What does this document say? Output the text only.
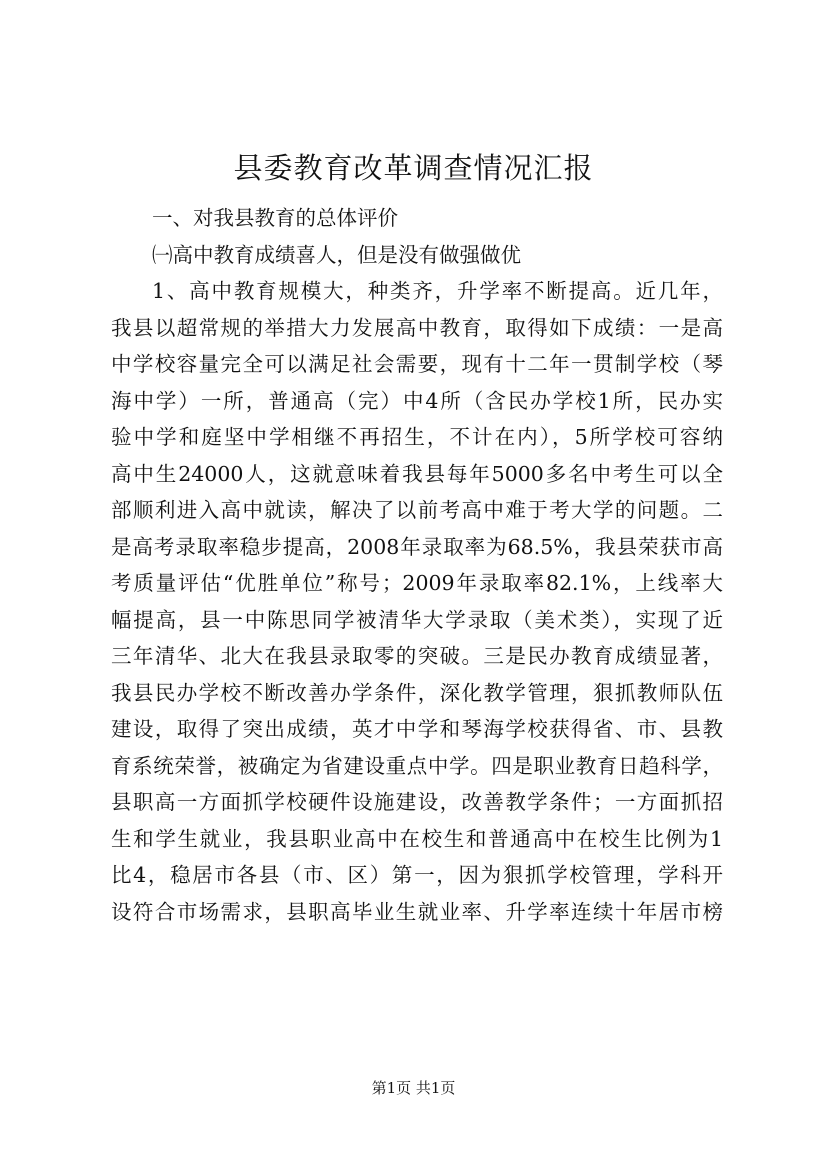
县委教育改革调查情况汇报
一、对我县教育的总体评价
㈠高中教育成绩喜人，但是没有做强做优
1、高中教育规模大，种类齐，升学率不断提高。近几年，
我县以超常规的举措大力发展高中教育，取得如下成绩：一是高
中学校容量完全可以满足社会需要，现有十二年一贯制学校（琴
海中学）一所，普通高（完）中4所（含民办学校1所，民办实
验中学和庭坚中学相继不再招生，不计在内），5所学校可容纳
高中生24000人，这就意味着我县每年5000多名中考生可以全
部顺利进入高中就读，解决了以前考高中难于考大学的问题。二
是高考录取率稳步提高，2008年录取率为68.5%，我县荣获市高
考质量评估“优胜单位”称号；2009年录取率82.1%，上线率大
幅提高，县一中陈思同学被清华大学录取（美术类），实现了近
三年清华、北大在我县录取零的突破。三是民办教育成绩显著，
我县民办学校不断改善办学条件，深化教学管理，狠抓教师队伍
建设，取得了突出成绩，英才中学和琴海学校获得省、市、县教
育系统荣誉，被确定为省建设重点中学。四是职业教育日趋科学，
县职高一方面抓学校硬件设施建设，改善教学条件；一方面抓招
生和学生就业，我县职业高中在校生和普通高中在校生比例为1
比4，稳居市各县（市、区）第一，因为狠抓学校管理，学科开
设符合市场需求，县职高毕业生就业率、升学率连续十年居市榜
第1页 共1页
